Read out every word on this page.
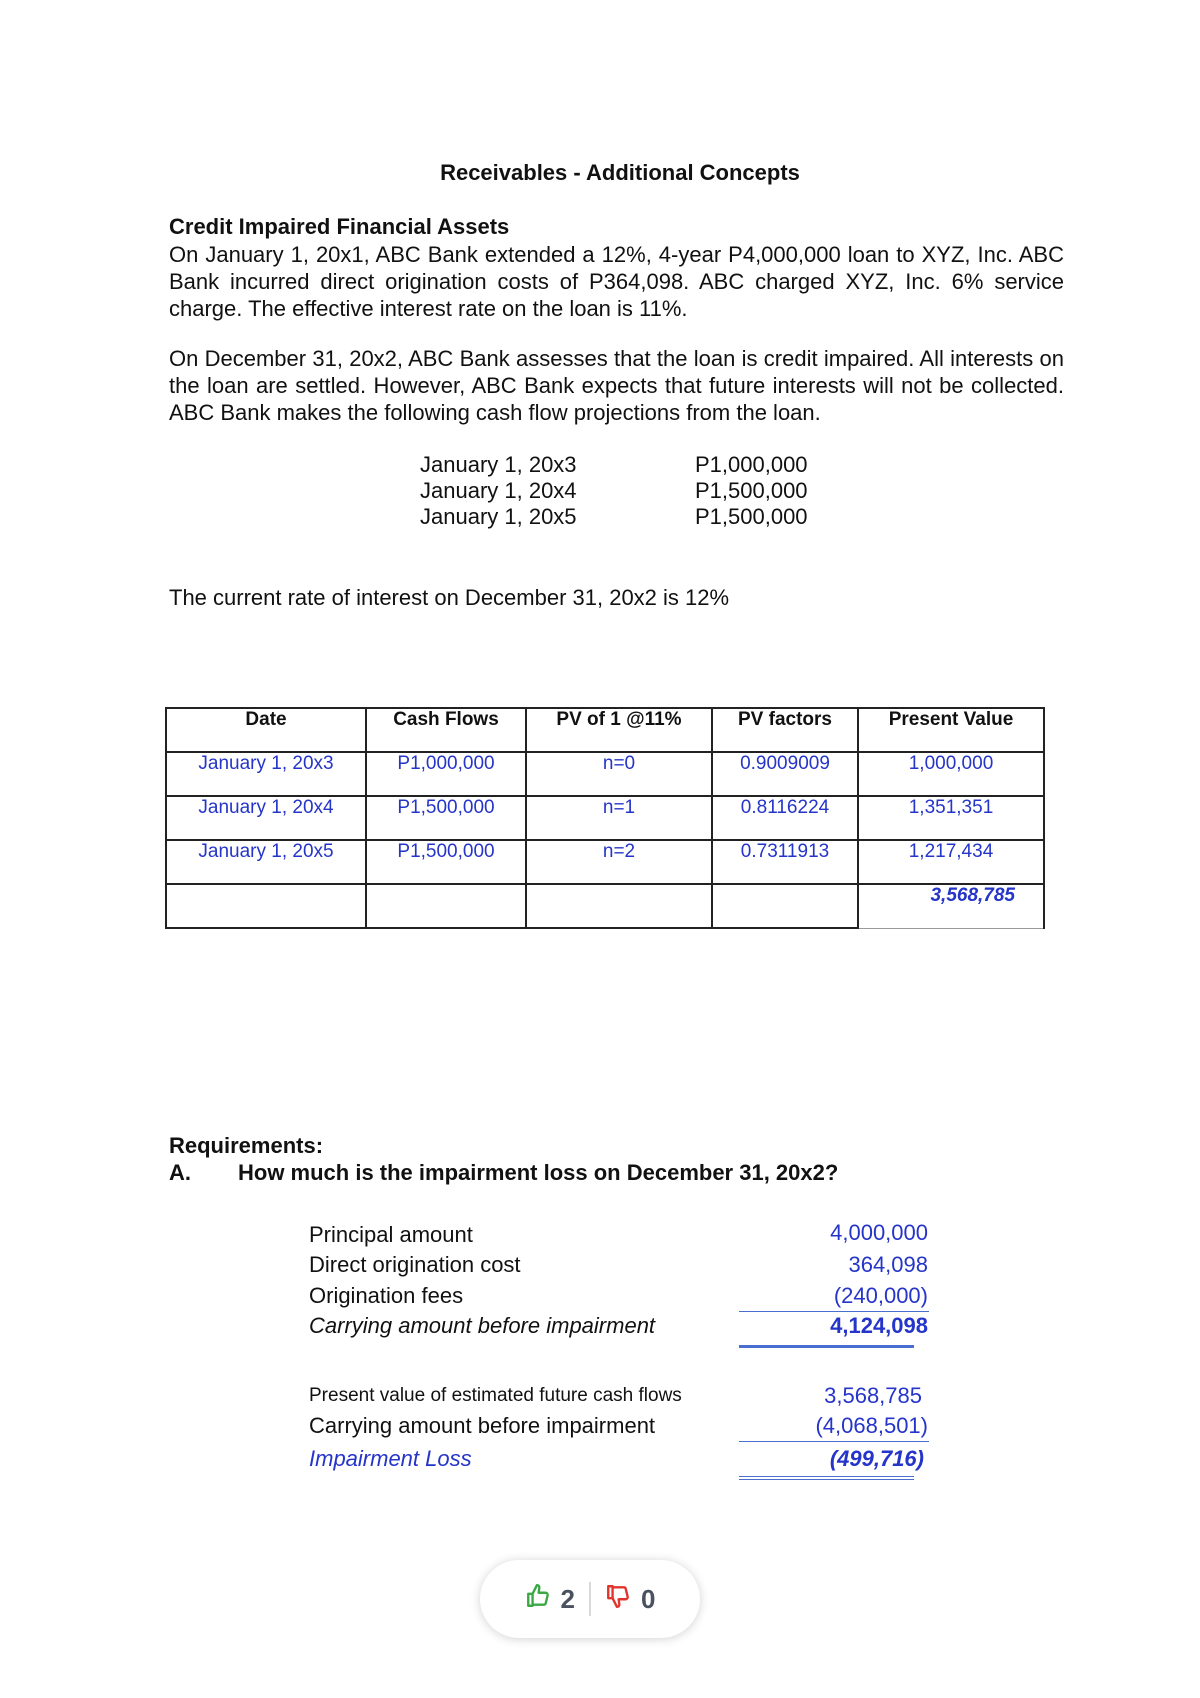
Receivables - Additional Concepts
Credit Impaired Financial Assets

On January 1, 20x1, ABC Bank extended a 12%, 4-year P4,000,000 loan to XYZ, Inc. ABC Bank incurred direct origination costs of P364,098. ABC charged XYZ, Inc. 6% service charge. The effective interest rate on the loan is 11%.

On December 31, 20x2, ABC Bank assesses that the loan is credit impaired. All interests on the loan are settled. However, ABC Bank expects that future interests will not be collected. ABC Bank makes the following cash flow projections from the loan.

January 1, 20x3	P1,000,000
January 1, 20x4	P1,500,000
January 1, 20x5	P1,500,000
The current rate of interest on December 31, 20x2 is 12%
Date	Cash Flows	PV of 1 @11%	PV factors	Present Value
January 1, 20x3	P1,000,000	n=0	0.9009009	1,000,000
January 1, 20x4	P1,500,000	n=1	0.8116224	1,351,351
January 1, 20x5	P1,500,000	n=2	0.7311913	1,217,434
				3,568,785
Requirements:
A. How much is the impairment loss on December 31, 20x2?
Principal amount	4,000,000
Direct origination cost	364,098
Origination fees	(240,000)
Carrying amount before impairment	4,124,098
Present value of estimated future cash flows	3,568,785
Carrying amount before impairment	(4,068,501)
Impairment Loss	(499,716)
2	0
